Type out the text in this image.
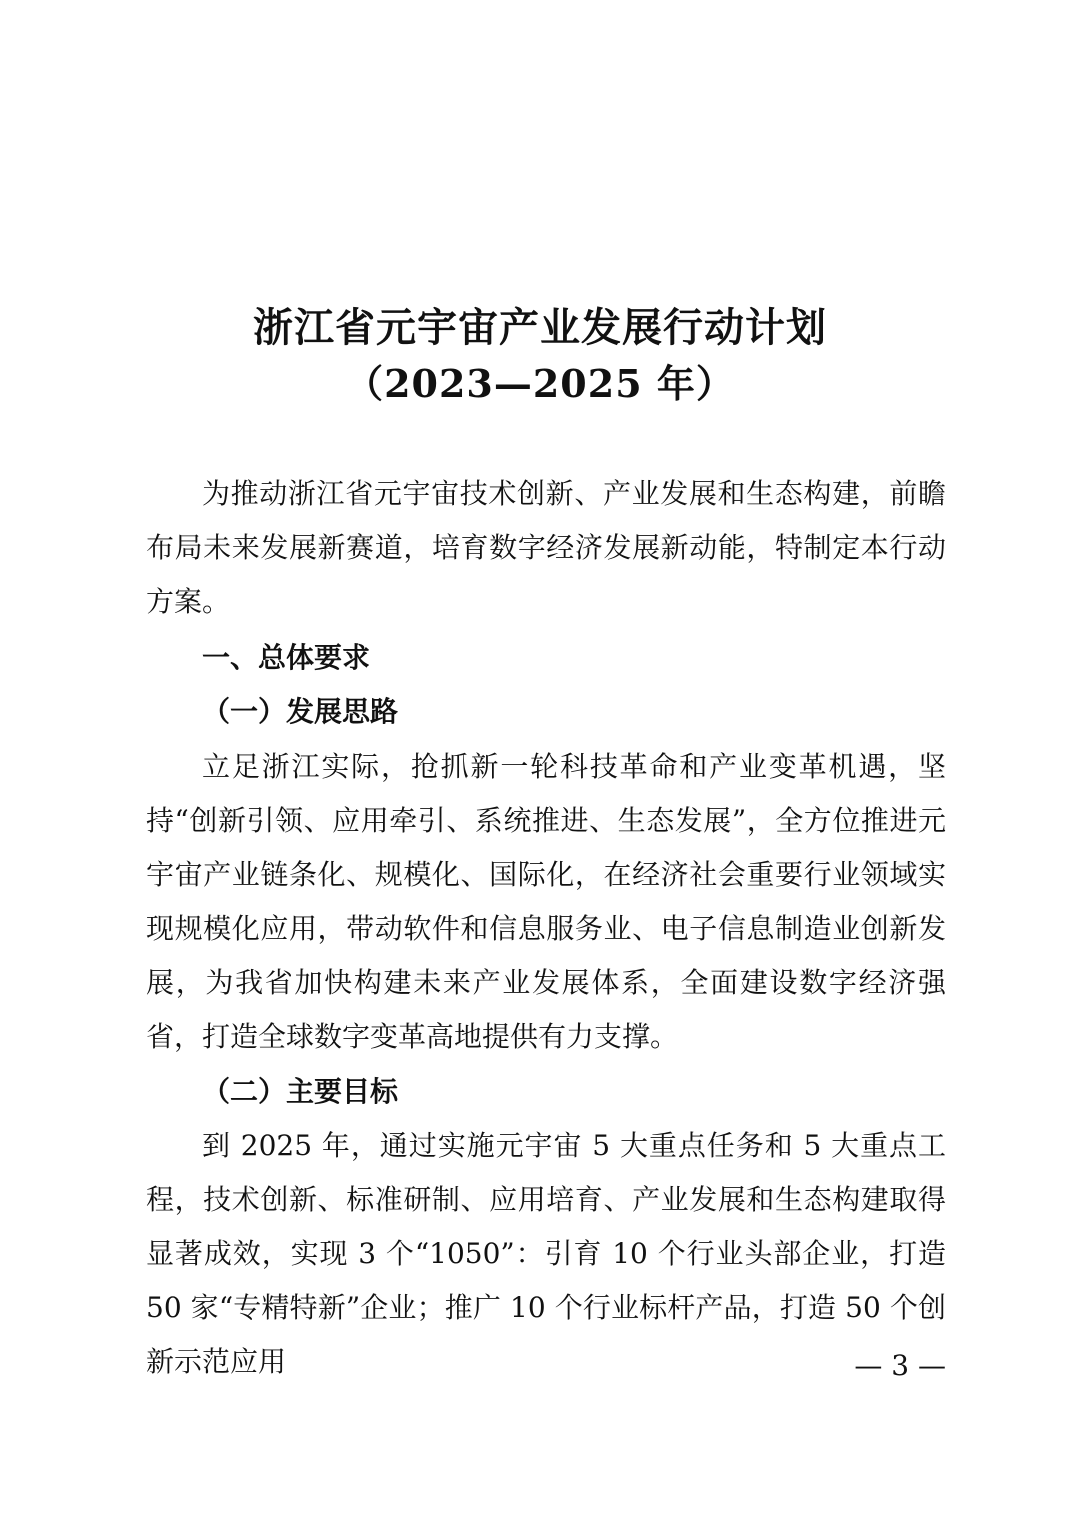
浙江省元宇宙产业发展行动计划
（2023—2025 年）

为推动浙江省元宇宙技术创新、产业发展和生态构建，前瞻布局未来发展新赛道，培育数字经济发展新动能，特制定本行动方案。

一、总体要求

（一）发展思路

立足浙江实际，抢抓新一轮科技革命和产业变革机遇，坚持“创新引领、应用牵引、系统推进、生态发展”，全方位推进元宇宙产业链条化、规模化、国际化，在经济社会重要行业领域实现规模化应用，带动软件和信息服务业、电子信息制造业创新发展，为我省加快构建未来产业发展体系，全面建设数字经济强省，打造全球数字变革高地提供有力支撑。

（二）主要目标

到 2025 年，通过实施元宇宙 5 大重点任务和 5 大重点工程，技术创新、标准研制、应用培育、产业发展和生态构建取得显著成效，实现 3 个“1050”：引育 10 个行业头部企业，打造 50 家“专精特新”企业；推广 10 个行业标杆产品，打造 50 个创新示范应用	— 3 —
